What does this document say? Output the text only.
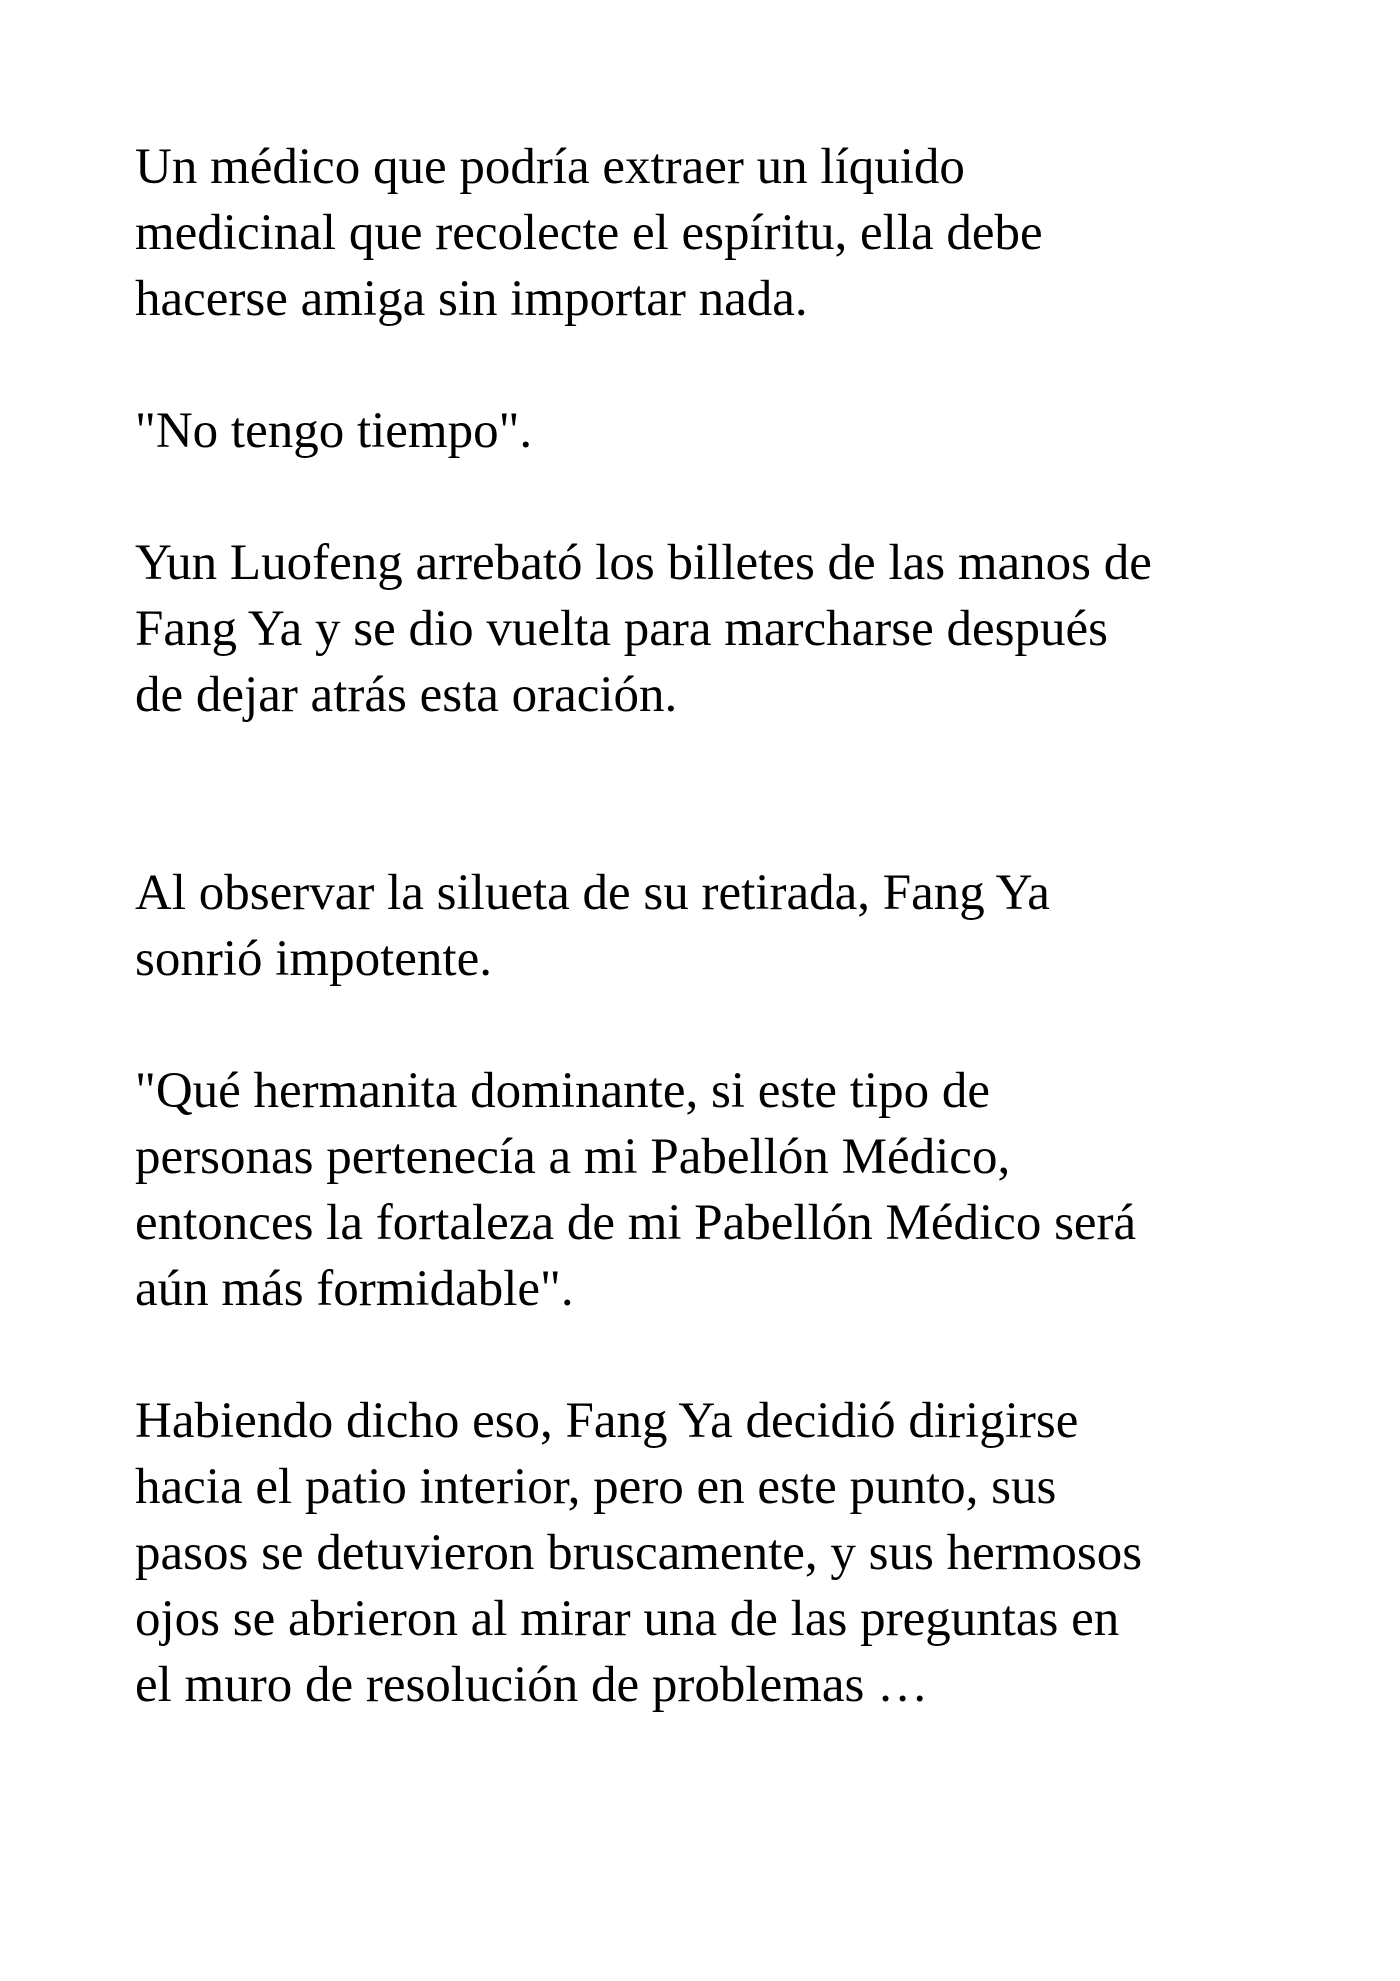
Un médico que podría extraer un líquido
medicinal que recolecte el espíritu, ella debe
hacerse amiga sin importar nada.

"No tengo tiempo".

Yun Luofeng arrebató los billetes de las manos de
Fang Ya y se dio vuelta para marcharse después
de dejar atrás esta oración.

Al observar la silueta de su retirada, Fang Ya
sonrió impotente.

"Qué hermanita dominante, si este tipo de
personas pertenecía a mi Pabellón Médico,
entonces la fortaleza de mi Pabellón Médico será
aún más formidable".

Habiendo dicho eso, Fang Ya decidió dirigirse
hacia el patio interior, pero en este punto, sus
pasos se detuvieron bruscamente, y sus hermosos
ojos se abrieron al mirar una de las preguntas en
el muro de resolución de problemas …
